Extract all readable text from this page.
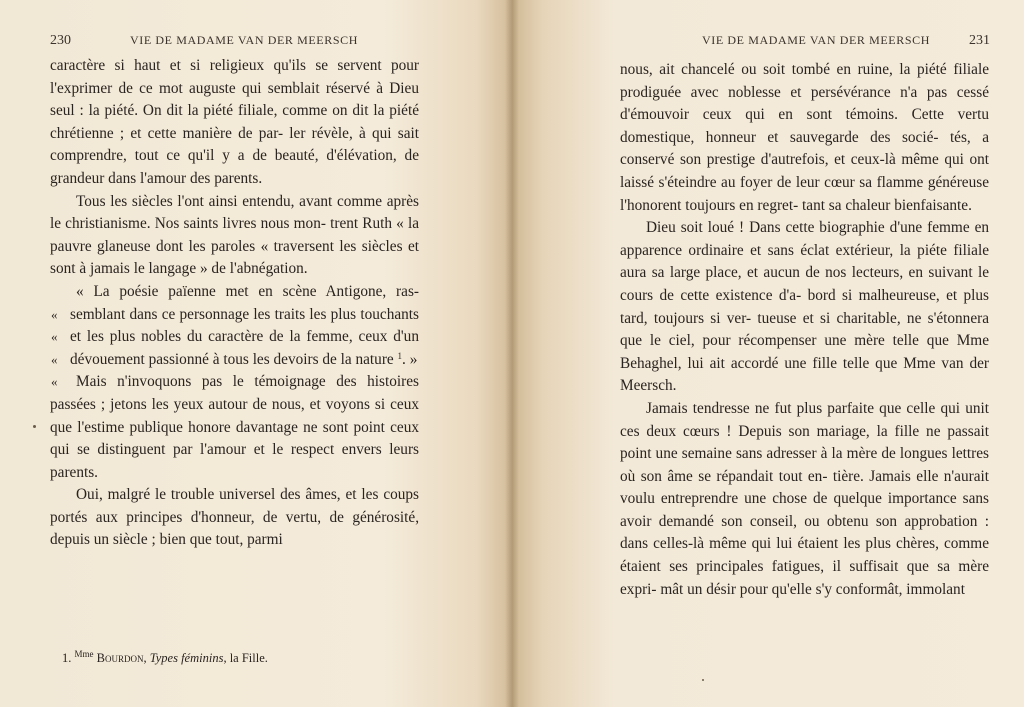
230	VIE DE MADAME VAN DER MEERSCH

caractère si haut et si religieux qu'ils se servent pour l'exprimer de ce mot auguste qui semblait réservé à Dieu seul : la piété. On dit la piété filiale, comme on dit la piété chrétienne ; et cette manière de par- ler révèle, à qui sait comprendre, tout ce qu'il y a de beauté, d'élévation, de grandeur dans l'amour des parents.

Tous les siècles l'ont ainsi entendu, avant comme après le christianisme. Nos saints livres nous mon- trent Ruth « la pauvre glaneuse dont les paroles « traversent les siècles et sont à jamais le langage » de l'abnégation.

« La poésie païenne met en scène Antigone, ras-
«
«
«
«
semblant dans ce personnage les traits les plus touchants et les plus nobles du caractère de la femme, ceux d'un dévouement passionné à tous les devoirs de la nature $^1$. »

Mais n'invoquons pas le témoignage des histoires passées ; jetons les yeux autour de nous, et voyons si ceux que l'estime publique honore davantage ne sont point ceux qui se distinguent par l'amour et le respect envers leurs parents.

Oui, malgré le trouble universel des âmes, et les coups portés aux principes d'honneur, de vertu, de générosité, depuis un siècle ; bien que tout, parmi

1. $^{Mme}$ Bourdon, Types féminins, la Fille.
VIE DE MADAME VAN DER MEERSCH	231

nous, ait chancelé ou soit tombé en ruine, la piété filiale prodiguée avec noblesse et persévérance n'a pas cessé d'émouvoir ceux qui en sont témoins. Cette vertu domestique, honneur et sauvegarde des socié- tés, a conservé son prestige d'autrefois, et ceux-là même qui ont laissé s'éteindre au foyer de leur cœur sa flamme généreuse l'honorent toujours en regret- tant sa chaleur bienfaisante.

Dieu soit loué ! Dans cette biographie d'une femme en apparence ordinaire et sans éclat extérieur, la piéte filiale aura sa large place, et aucun de nos lecteurs, en suivant le cours de cette existence d'a- bord si malheureuse, et plus tard, toujours si ver- tueuse et si charitable, ne s'étonnera que le ciel, pour récompenser une mère telle que Mme Behaghel, lui ait accordé une fille telle que Mme van der Meersch.

Jamais tendresse ne fut plus parfaite que celle qui unit ces deux cœurs ! Depuis son mariage, la fille ne passait point une semaine sans adresser à la mère de longues lettres où son âme se répandait tout en- tière. Jamais elle n'aurait voulu entreprendre une chose de quelque importance sans avoir demandé son conseil, ou obtenu son approbation : dans celles-là même qui lui étaient les plus chères, comme étaient ses principales fatigues, il suffisait que sa mère expri- mât un désir pour qu'elle s'y conformât, immolant
